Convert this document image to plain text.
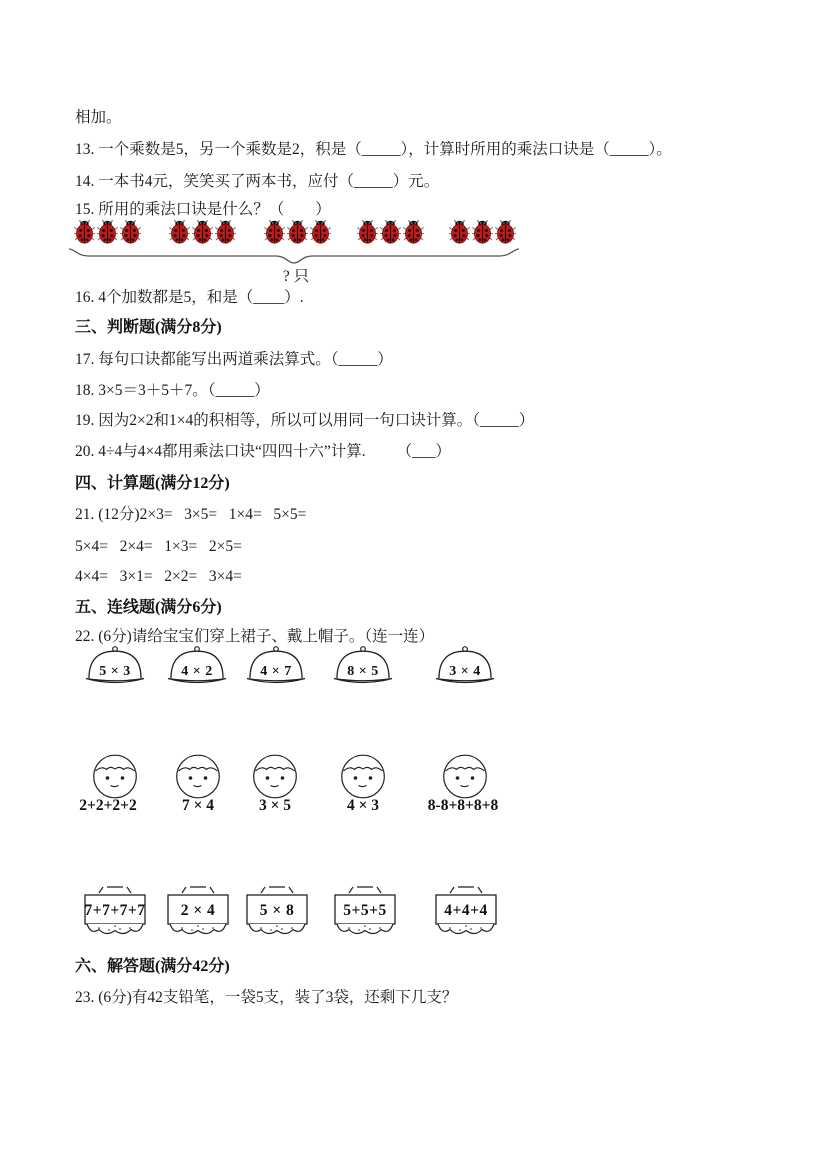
相加。
13. 一个乘数是5，另一个乘数是2，积是（_____），计算时所用的乘法口诀是（_____）。
14. 一本书4元，笑笑买了两本书，应付（_____）元。
15. 所用的乘法口诀是什么？（        ）
? 只
16. 4个加数都是5，和是（____）.
三、判断题(满分8分)
17. 每句口诀都能写出两道乘法算式。（_____）
18. 3×5＝3＋5＋7。（_____）
19. 因为2×2和1×4的积相等，所以可以用同一句口诀计算。（_____）
20. 4÷4与4×4都用乘法口诀“四四十六”计算.        （___）
四、计算题(满分12分)
21. (12分)2×3=   3×5=   1×4=   5×5=
5×4=   2×4=   1×3=   2×5=
4×4=   3×1=   2×2=   3×4=
五、连线题(满分6分)
22. (6分)请给宝宝们穿上裙子、戴上帽子。（连一连）
5 × 3	4 × 2	4 × 7	8 × 5	3 × 4
2+2+2+2	7 × 4	3 × 5	4 × 3	8-8+8+8+8
7+7+7+7	2 × 4	5 × 8	5+5+5	4+4+4
六、解答题(满分42分)
23. (6分)有42支铅笔，一袋5支，装了3袋，还剩下几支？
